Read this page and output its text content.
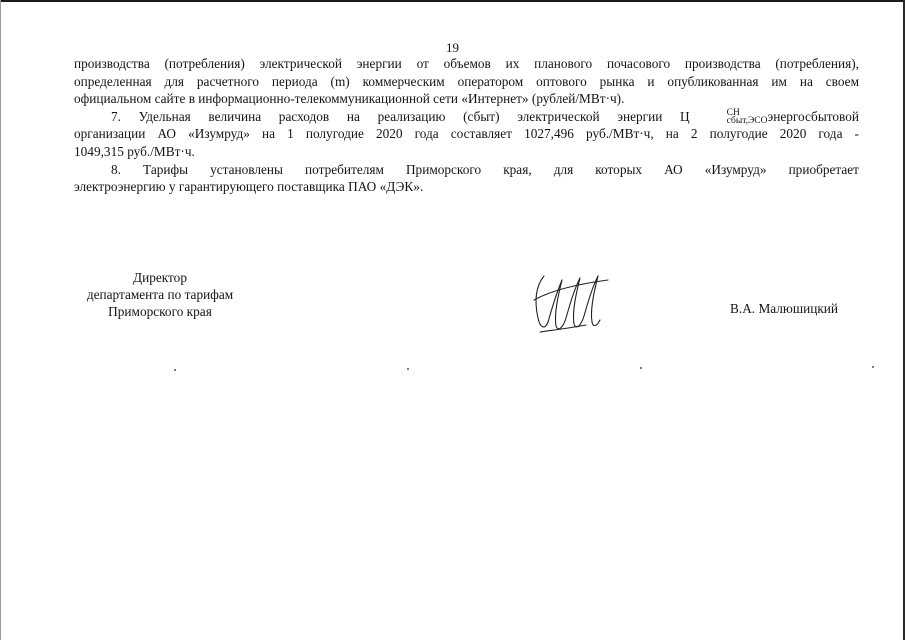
19

производства (потребления) электрической энергии от объемов их планового почасового производства (потребления),

определенная для расчетного периода (m) коммерческим оператором оптового рынка и опубликованная им на своем

официальном сайте в информационно-телекоммуникационной сети «Интернет» (рублей/МВт·ч).

7. Удельная величина расходов на реализацию (сбыт) электрической энергии Ц	СН
сбыт,ЭСО энергосбытовой

организации АО «Изумруд» на 1 полугодие 2020 года составляет 1027,496 руб./МВт·ч, на 2 полугодие 2020 года -

1049,315 руб./МВт·ч.

8. Тарифы установлены потребителям Приморского края, для которых АО «Изумруд» приобретает

электроэнергию у гарантирующего поставщика ПАО «ДЭК».

Директор
департамента по тарифам
Приморского края	В.А. Малюшицкий
